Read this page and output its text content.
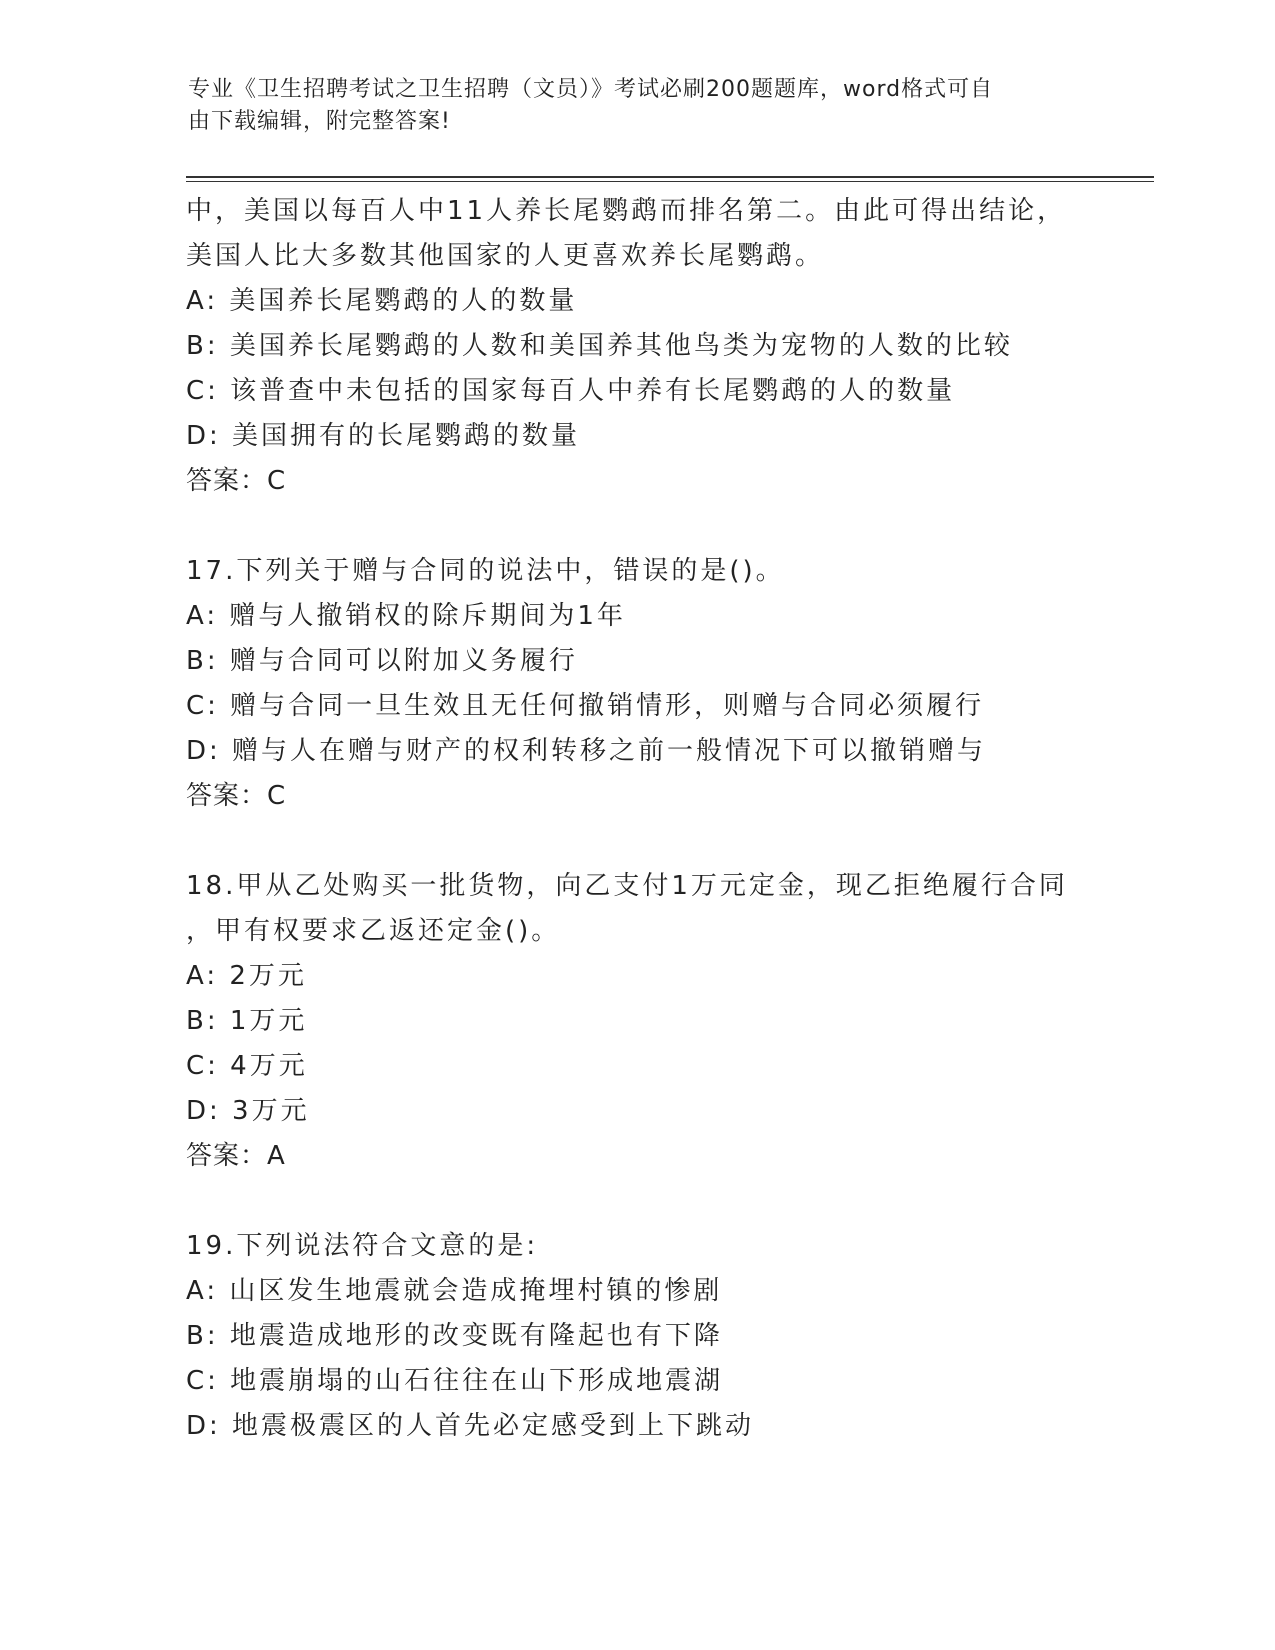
专业《卫生招聘考试之卫生招聘（文员）》考试必刷200题题库，word格式可自
由下载编辑，附完整答案!
中，美国以每百人中11人养长尾鹦鹉而排名第二。由此可得出结论，
美国人比大多数其他国家的人更喜欢养长尾鹦鹉。
A: 美国养长尾鹦鹉的人的数量
B: 美国养长尾鹦鹉的人数和美国养其他鸟类为宠物的人数的比较
C: 该普查中未包括的国家每百人中养有长尾鹦鹉的人的数量
D: 美国拥有的长尾鹦鹉的数量
答案：C
17.下列关于赠与合同的说法中，错误的是()。
A: 赠与人撤销权的除斥期间为1年
B: 赠与合同可以附加义务履行
C: 赠与合同一旦生效且无任何撤销情形，则赠与合同必须履行
D: 赠与人在赠与财产的权利转移之前一般情况下可以撤销赠与
答案：C
18.甲从乙处购买一批货物，向乙支付1万元定金，现乙拒绝履行合同
，甲有权要求乙返还定金()。
A: 2万元
B: 1万元
C: 4万元
D: 3万元
答案：A
19.下列说法符合文意的是:
A: 山区发生地震就会造成掩埋村镇的惨剧
B: 地震造成地形的改变既有隆起也有下降
C: 地震崩塌的山石往往在山下形成地震湖
D: 地震极震区的人首先必定感受到上下跳动
